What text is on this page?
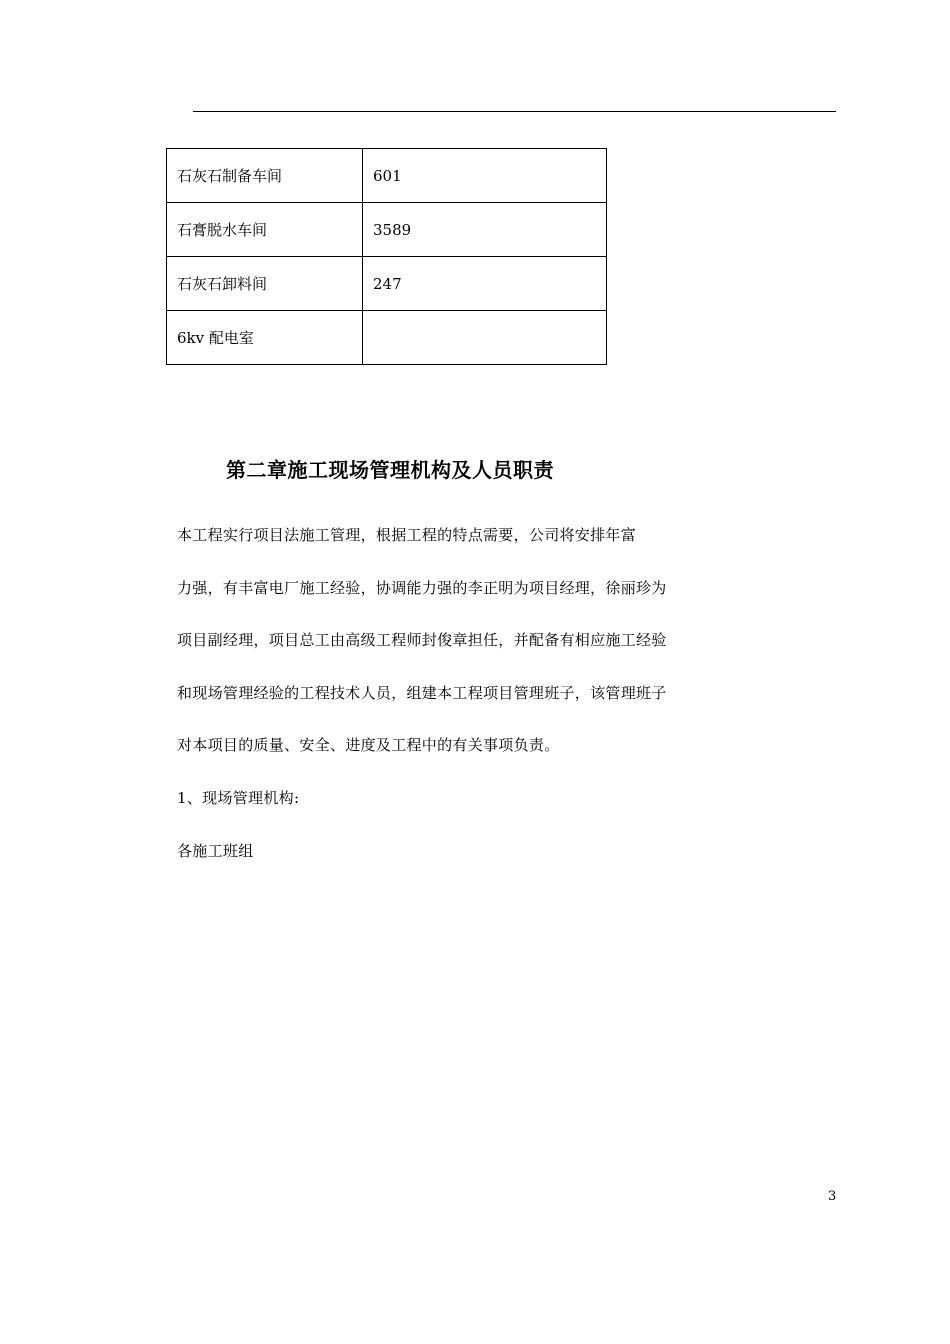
石灰石制备车间	601
石膏脱水车间	3589
石灰石卸料间	247
6kv 配电室	
第二章施工现场管理机构及人员职责

本工程实行项目法施工管理，根据工程的特点需要，公司将安排年富

力强，有丰富电厂施工经验，协调能力强的李正明为项目经理，徐丽珍为

项目副经理，项目总工由高级工程师封俊章担任，并配备有相应施工经验

和现场管理经验的工程技术人员，组建本工程项目管理班子，该管理班子

对本项目的质量、安全、进度及工程中的有关事项负责。

1、现场管理机构:

各施工班组

3
